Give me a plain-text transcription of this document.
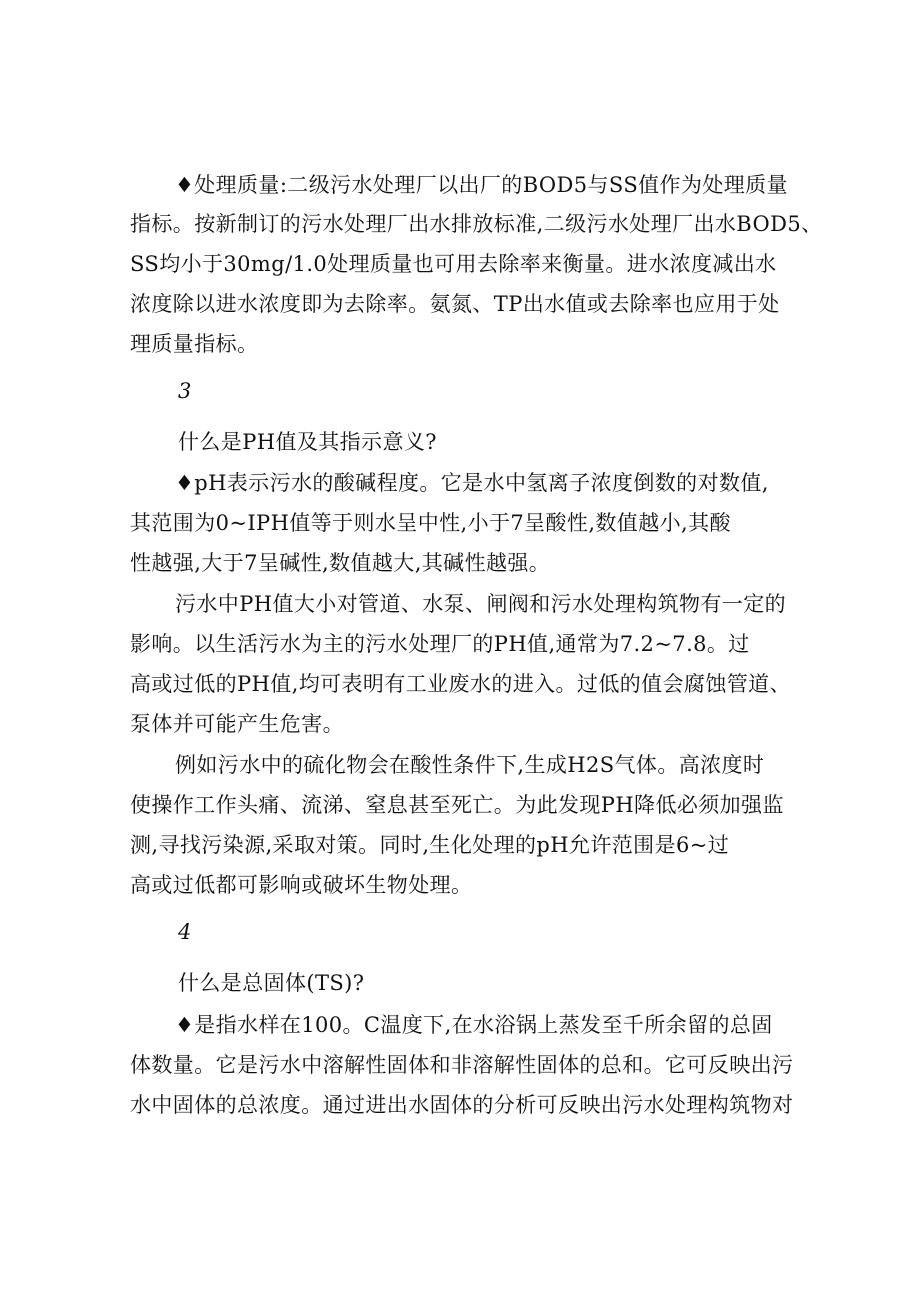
♦处理质量:二级污水处理厂以出厂的BOD5与SS值作为处理质量
指标。按新制订的污水处理厂出水排放标准,二级污水处理厂出水BOD5、
SS均小于30mg/1.0处理质量也可用去除率来衡量。进水浓度减出水
浓度除以进水浓度即为去除率。氨氮、TP出水值或去除率也应用于处
理质量指标。
3
什么是PH值及其指示意义?
♦pH表示污水的酸碱程度。它是水中氢离子浓度倒数的对数值,
其范围为0~IPH值等于则水呈中性,小于7呈酸性,数值越小,其酸
性越强,大于7呈碱性,数值越大,其碱性越强。
污水中PH值大小对管道、水泵、闸阀和污水处理构筑物有一定的
影响。以生活污水为主的污水处理厂的PH值,通常为7.2~7.8。过
高或过低的PH值,均可表明有工业废水的进入。过低的值会腐蚀管道、
泵体并可能产生危害。
例如污水中的硫化物会在酸性条件下,生成H2S气体。高浓度时
使操作工作头痛、流涕、窒息甚至死亡。为此发现PH降低必须加强监
测,寻找污染源,采取对策。同时,生化处理的pH允许范围是6~过
高或过低都可影响或破坏生物处理。
4
什么是总固体(TS)?
♦是指水样在100。C温度下,在水浴锅上蒸发至千所余留的总固
体数量。它是污水中溶解性固体和非溶解性固体的总和。它可反映出污
水中固体的总浓度。通过进出水固体的分析可反映出污水处理构筑物对
